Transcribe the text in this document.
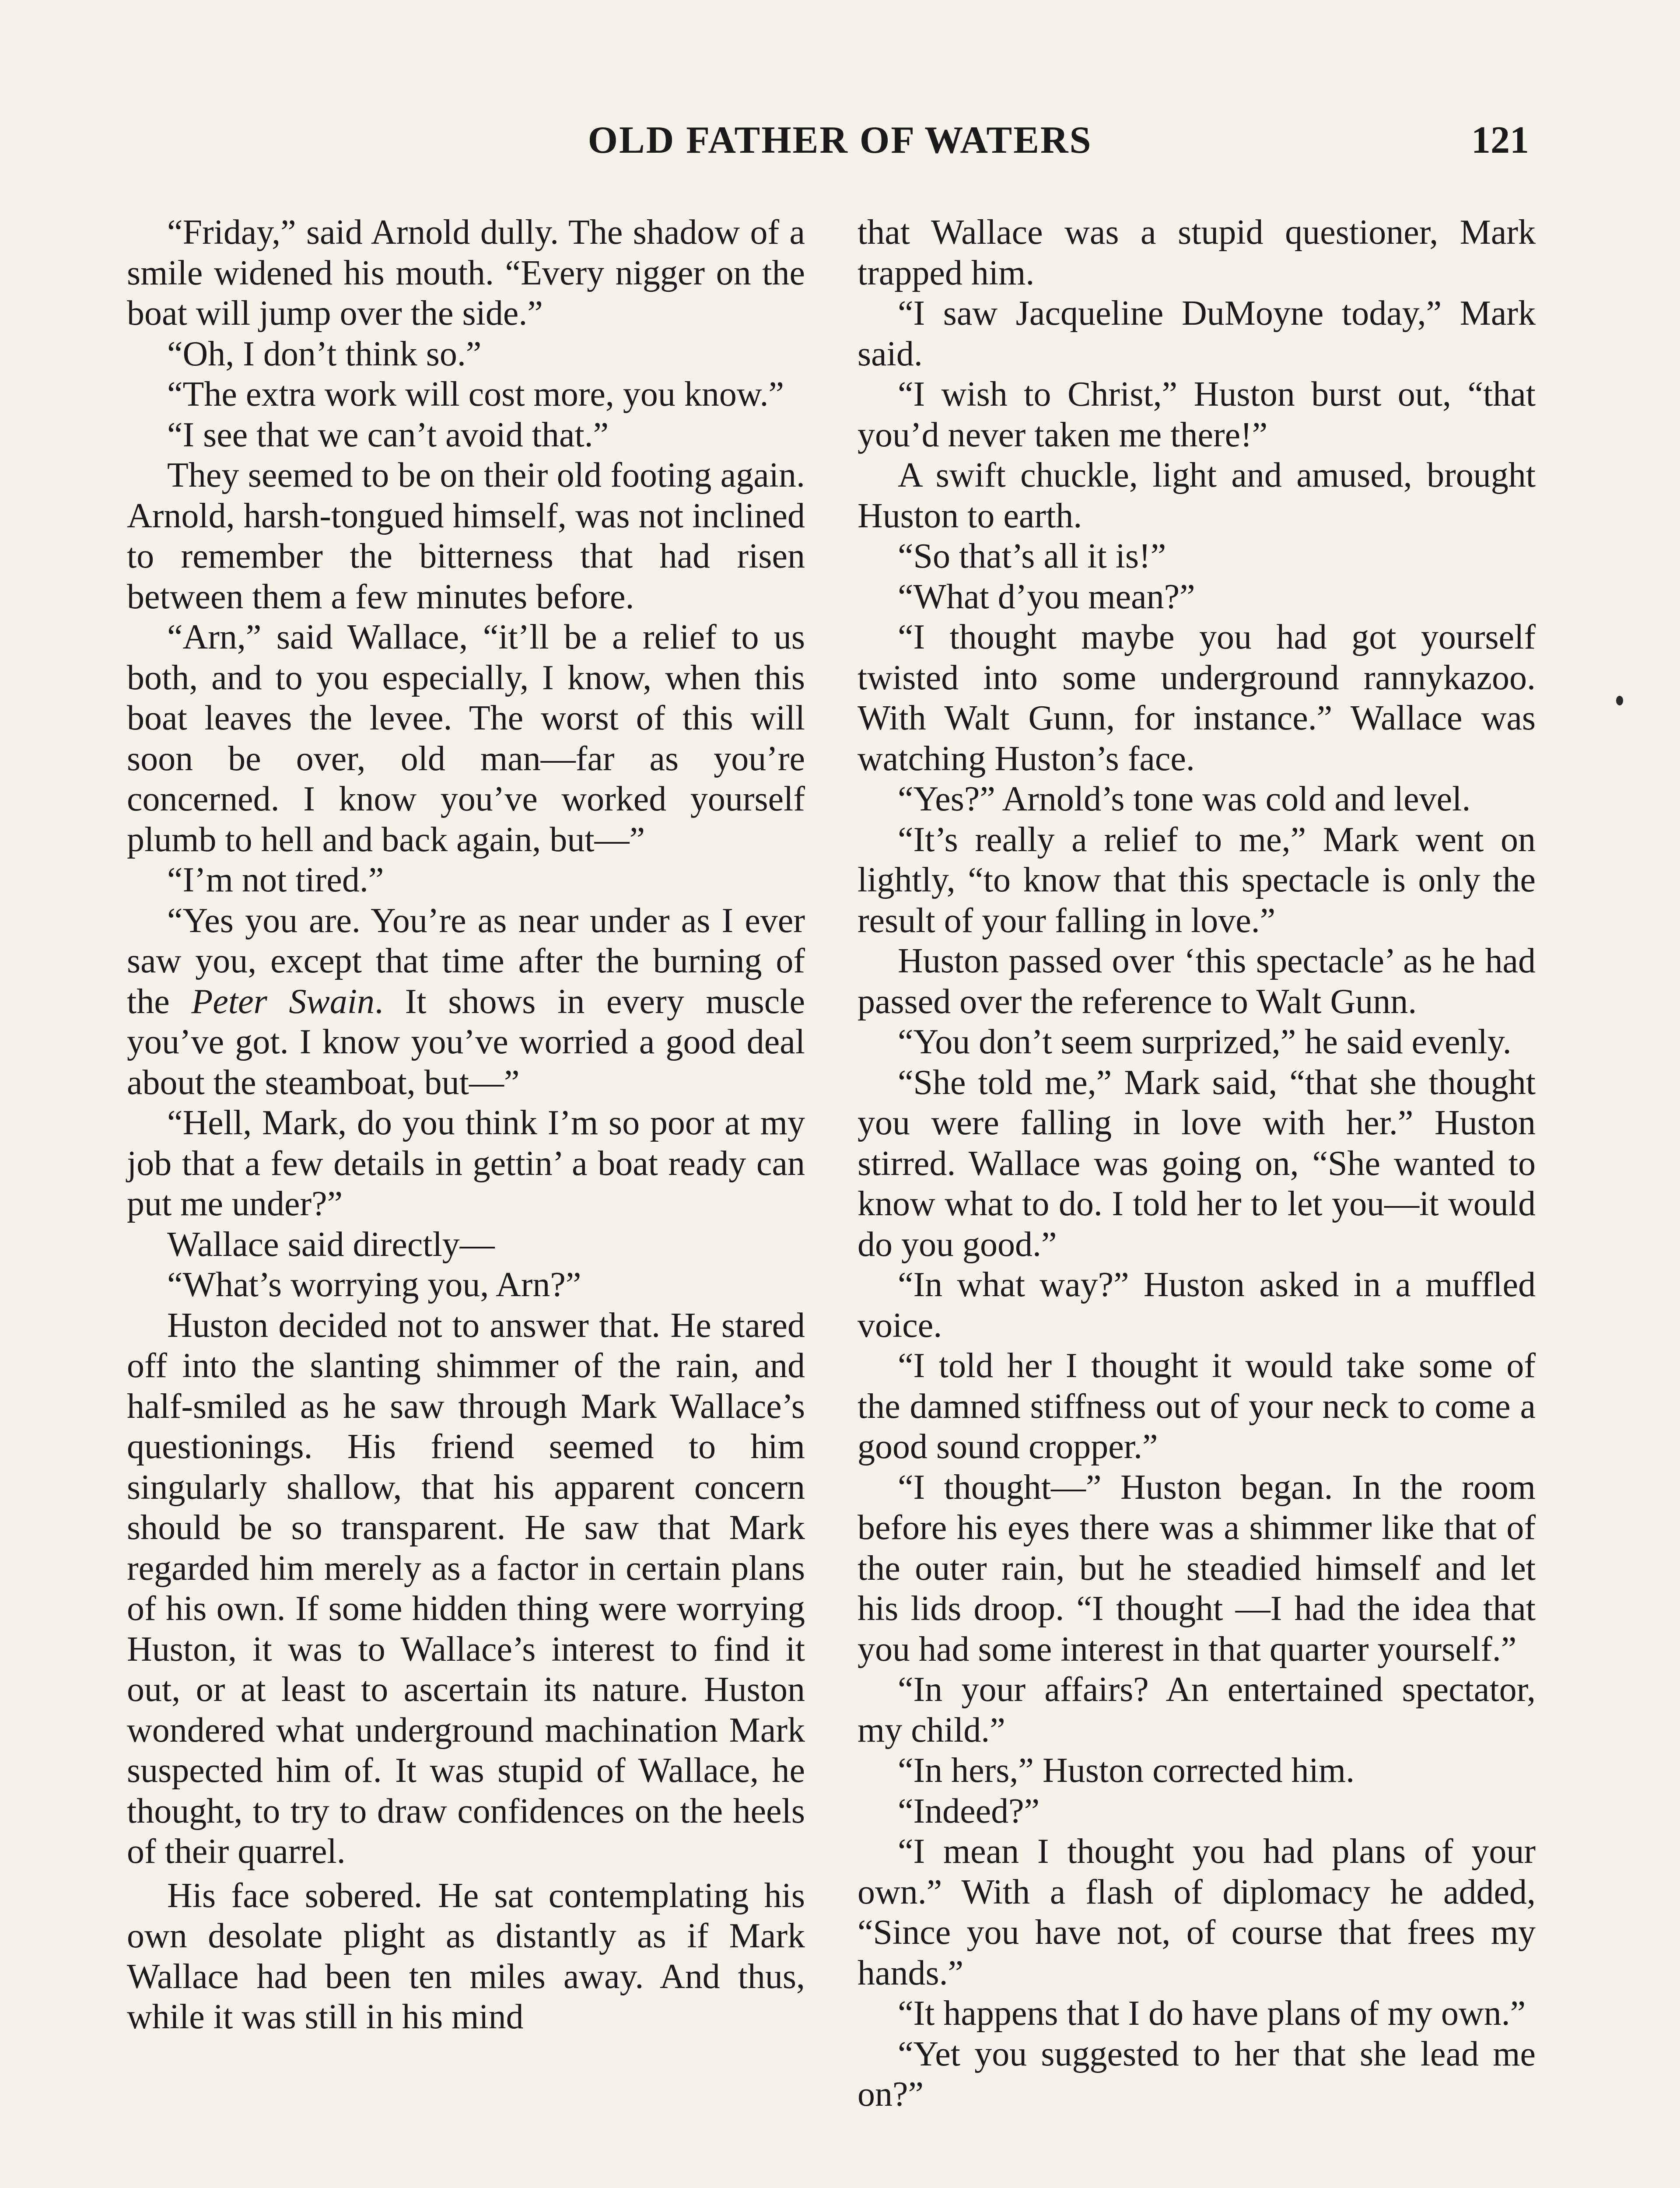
OLD FATHER OF WATERS	121

“Friday,” said Arnold dully. The shadow of a smile widened his mouth. “Every nigger on the boat will jump over the side.”

“Oh, I don’t think so.”

“The extra work will cost more, you know.”

“I see that we can’t avoid that.”

They seemed to be on their old footing again. Arnold, harsh-tongued himself, was not inclined to remember the bitterness that had risen between them a few minutes before.

“Arn,” said Wallace, “it’ll be a relief to us both, and to you especially, I know, when this boat leaves the levee. The worst of this will soon be over, old man—far as you’re concerned. I know you’ve worked yourself plumb to hell and back again, but—”

“I’m not tired.”

“Yes you are. You’re as near under as I ever saw you, except that time after the burning of the Peter Swain. It shows in every muscle you’ve got. I know you’ve worried a good deal about the steamboat, but—”

“Hell, Mark, do you think I’m so poor at my job that a few details in gettin’ a boat ready can put me under?”

Wallace said directly—

“What’s worrying you, Arn?”

Huston decided not to answer that. He stared off into the slanting shimmer of the rain, and half-smiled as he saw through Mark Wallace’s questionings. His friend seemed to him singularly shallow, that his apparent concern should be so transparent. He saw that Mark regarded him merely as a factor in certain plans of his own. If some hidden thing were worrying Huston, it was to Wallace’s interest to find it out, or at least to ascertain its nature. Huston wondered what underground machination Mark suspected him of. It was stupid of Wallace, he thought, to try to draw confidences on the heels of their quarrel.

His face sobered. He sat contemplating his own desolate plight as distantly as if Mark Wallace had been ten miles away. And thus, while it was still in his mind

that Wallace was a stupid questioner, Mark trapped him.

“I saw Jacqueline DuMoyne today,” Mark said.

“I wish to Christ,” Huston burst out, “that you’d never taken me there!”

A swift chuckle, light and amused, brought Huston to earth.

“So that’s all it is!”

“What d’you mean?”

“I thought maybe you had got yourself twisted into some underground rannykazoo. With Walt Gunn, for instance.” Wallace was watching Huston’s face.

“Yes?” Arnold’s tone was cold and level.

“It’s really a relief to me,” Mark went on lightly, “to know that this spectacle is only the result of your falling in love.”

Huston passed over ‘this spectacle’ as he had passed over the reference to Walt Gunn.

“You don’t seem surprized,” he said evenly.

“She told me,” Mark said, “that she thought you were falling in love with her.” Huston stirred. Wallace was going on, “She wanted to know what to do. I told her to let you—it would do you good.”

“In what way?” Huston asked in a muffled voice.

“I told her I thought it would take some of the damned stiffness out of your neck to come a good sound cropper.”

“I thought—” Huston began. In the room before his eyes there was a shimmer like that of the outer rain, but he steadied himself and let his lids droop. “I thought —I had the idea that you had some interest in that quarter yourself.”

“In your affairs? An entertained spectator, my child.”

“In hers,” Huston corrected him.

“Indeed?”

“I mean I thought you had plans of your own.” With a flash of diplomacy he added, “Since you have not, of course that frees my hands.”

“It happens that I do have plans of my own.”

“Yet you suggested to her that she lead me on?”
